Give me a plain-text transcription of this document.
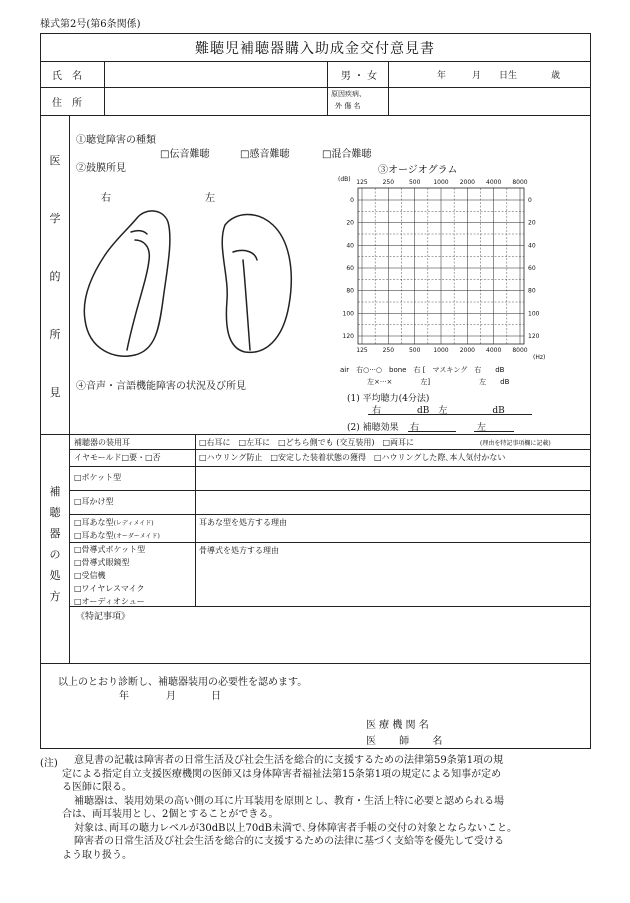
様式第2号(第6条関係)
難聴児補聴器購入助成金交付意見書
氏　名	男 ・ 女	年	月 日生	歳
住　所
原因疾病、
外 傷 名
医
学
的
所
見
①聴覚障害の種類
□伝音難聴	□感音難聴	□混合難聴
②鼓膜所見
右	左
④音声・言語機能障害の状況及び所見
③オージオグラム
(dB)
(Hz)
125
125
250
250
500
500
1000
1000
2000
2000
4000
4000
8000
8000
0	0
20	20
40	40
60	60
80	80
100	100
120	120
air　右○···○　bone　右 [　マスキング　右　　dB
左×···×　　　　左]　　　　　　　左　　dB
(1) 平均聴力(4分法)
右　　　　dB　左　　　　　dB
(2) 補聴効果 右	左
補
聴
器
の
処
方
補聴器の装用耳	□右耳に　□左耳に　□どちら側でも (交互装用)　□両耳に	(理由を特記事項欄に記載)
イヤモールド□要・□否	□ハウリング防止　□安定した装着状態の獲得　□ハウリングした際､本人気付かない
□ポケット型
□耳かけ型
□耳あな型(レディメイド)
□耳あな型(オーダーメイド)
耳あな型を処方する理由
□骨導式ポケット型
□骨導式眼鏡型
□受信機
□ワイヤレスマイク
□オーディオシュー
骨導式を処方する理由
《特記事項》
以上のとおり診断し、補聴器装用の必要性を認めます。
年	月	日
医 療 機 関 名
医　　 師 　　名
(注)	意見書の記載は障害者の日常生活及び社会生活を総合的に支援するための法律第59条第1項の規
定による指定自立支援医療機関の医師又は身体障害者福祉法第15条第1項の規定による知事が定め
る医師に限る。
補聴器は、装用効果の高い側の耳に片耳装用を原則とし、教育・生活上特に必要と認められる場
合は、両耳装用とし、2個とすることができる。
対象は､両耳の聴力レベルが30dB以上70dB未満で､身体障害者手帳の交付の対象とならないこと。
障害者の日常生活及び社会生活を総合的に支援するための法律に基づく支給等を優先して受ける
よう取り扱う。
